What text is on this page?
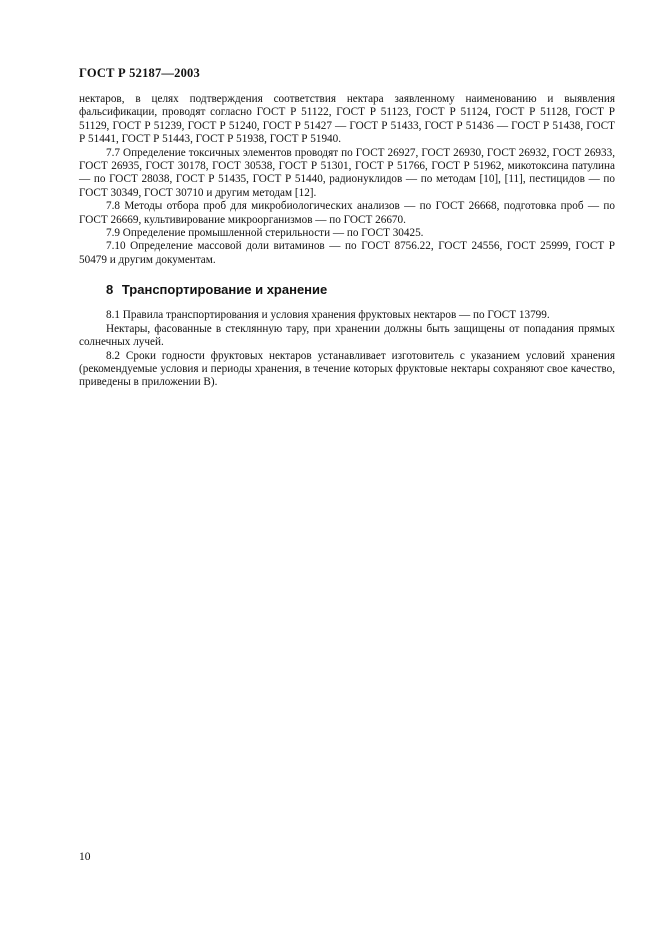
ГОСТ Р 52187—2003

нектаров, в целях подтверждения соответствия нектара заявленному наименованию и выявления фальсификации, проводят согласно ГОСТ Р 51122, ГОСТ Р 51123, ГОСТ Р 51124, ГОСТ Р 51128, ГОСТ Р 51129, ГОСТ Р 51239, ГОСТ Р 51240, ГОСТ Р 51427 — ГОСТ Р 51433, ГОСТ Р 51436 — ГОСТ Р 51438, ГОСТ Р 51441, ГОСТ Р 51443, ГОСТ Р 51938, ГОСТ Р 51940.

7.7 Определение токсичных элементов проводят по ГОСТ 26927, ГОСТ 26930, ГОСТ 26932, ГОСТ 26933, ГОСТ 26935, ГОСТ 30178, ГОСТ 30538, ГОСТ Р 51301, ГОСТ Р 51766, ГОСТ Р 51962, микотоксина патулина — по ГОСТ 28038, ГОСТ Р 51435, ГОСТ Р 51440, радионуклидов — по методам [10], [11], пестицидов — по ГОСТ 30349, ГОСТ 30710 и другим методам [12].

7.8 Методы отбора проб для микробиологических анализов — по ГОСТ 26668, подготовка проб — по ГОСТ 26669, культивирование микроорганизмов — по ГОСТ 26670.

7.9 Определение промышленной стерильности — по ГОСТ 30425.

7.10 Определение массовой доли витаминов — по ГОСТ 8756.22, ГОСТ 24556, ГОСТ 25999, ГОСТ Р 50479 и другим документам.

8 Транспортирование и хранение

8.1 Правила транспортирования и условия хранения фруктовых нектаров — по ГОСТ 13799.

Нектары, фасованные в стеклянную тару, при хранении должны быть защищены от попадания прямых солнечных лучей.

8.2 Сроки годности фруктовых нектаров устанавливает изготовитель с указанием условий хранения (рекомендуемые условия и периоды хранения, в течение которых фруктовые нектары сохраняют свое качество, приведены в приложении В).

10
